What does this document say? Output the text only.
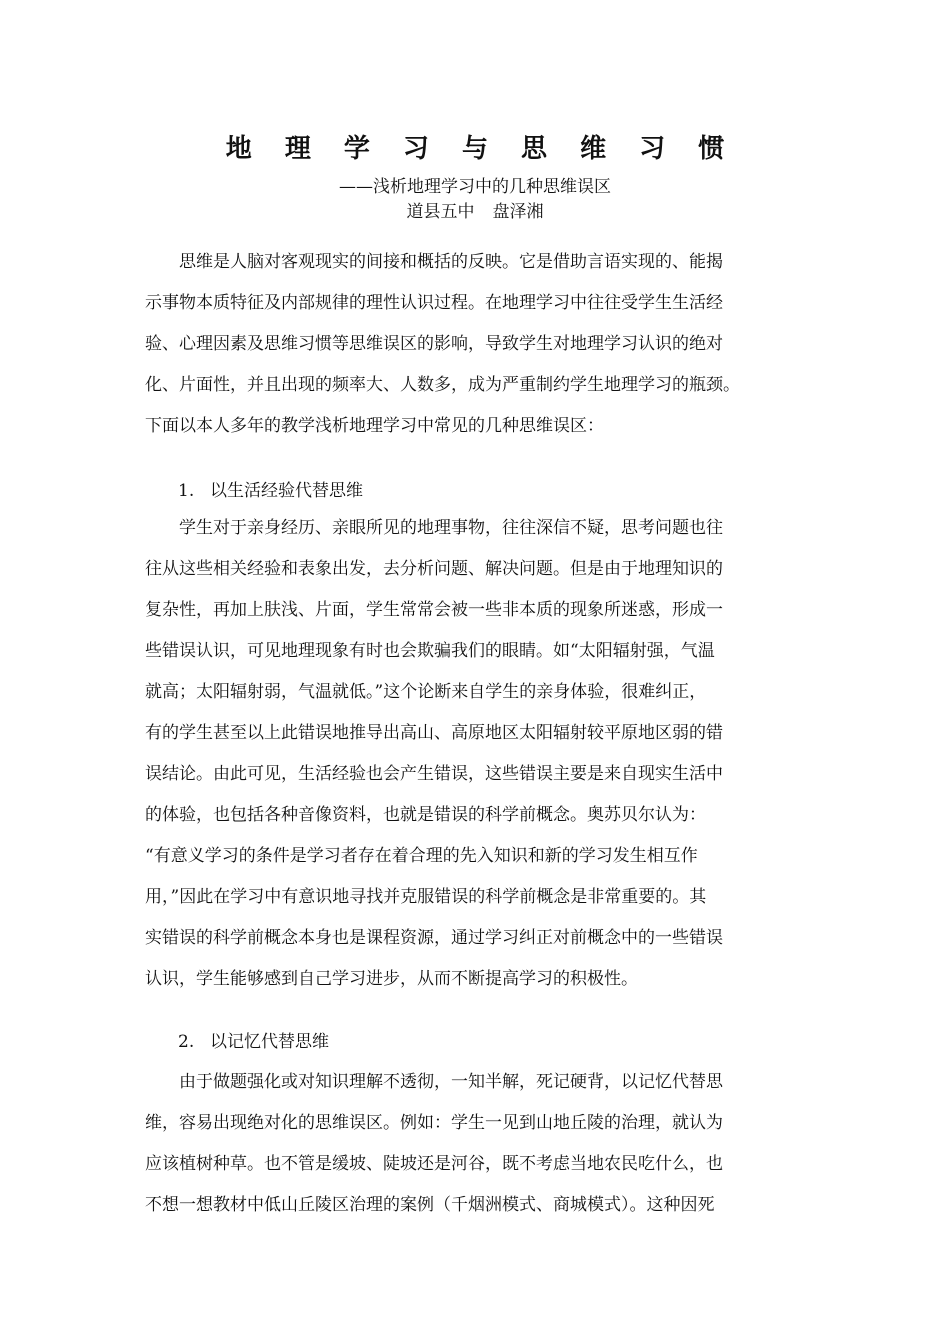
地 理 学 习 与 思 维 习 惯
——浅析地理学习中的几种思维误区
道县五中 盘泽湘
　　思维是人脑对客观现实的间接和概括的反映。它是借助言语实现的、能揭
示事物本质特征及内部规律的理性认识过程。在地理学习中往往受学生生活经
验、心理因素及思维习惯等思维误区的影响，导致学生对地理学习认识的绝对
化、片面性，并且出现的频率大、人数多，成为严重制约学生地理学习的瓶颈。
下面以本人多年的教学浅析地理学习中常见的几种思维误区：
1. 以生活经验代替思维
　　学生对于亲身经历、亲眼所见的地理事物，往往深信不疑，思考问题也往
往从这些相关经验和表象出发，去分析问题、解决问题。但是由于地理知识的
复杂性，再加上肤浅、片面，学生常常会被一些非本质的现象所迷惑，形成一
些错误认识，可见地理现象有时也会欺骗我们的眼睛。如“太阳辐射强，气温
就高；太阳辐射弱，气温就低。”这个论断来自学生的亲身体验，很难纠正，
有的学生甚至以上此错误地推导出高山、高原地区太阳辐射较平原地区弱的错
误结论。由此可见，生活经验也会产生错误，这些错误主要是来自现实生活中
的体验，也包括各种音像资料，也就是错误的科学前概念。奥苏贝尔认为：
“有意义学习的条件是学习者存在着合理的先入知识和新的学习发生相互作
用，”因此在学习中有意识地寻找并克服错误的科学前概念是非常重要的。其
实错误的科学前概念本身也是课程资源，通过学习纠正对前概念中的一些错误
认识，学生能够感到自己学习进步，从而不断提高学习的积极性。
2. 以记忆代替思维
　　由于做题强化或对知识理解不透彻，一知半解，死记硬背，以记忆代替思
维，容易出现绝对化的思维误区。例如：学生一见到山地丘陵的治理，就认为
应该植树种草。也不管是缓坡、陡坡还是河谷，既不考虑当地农民吃什么，也
不想一想教材中低山丘陵区治理的案例（千烟洲模式、商城模式）。这种因死
